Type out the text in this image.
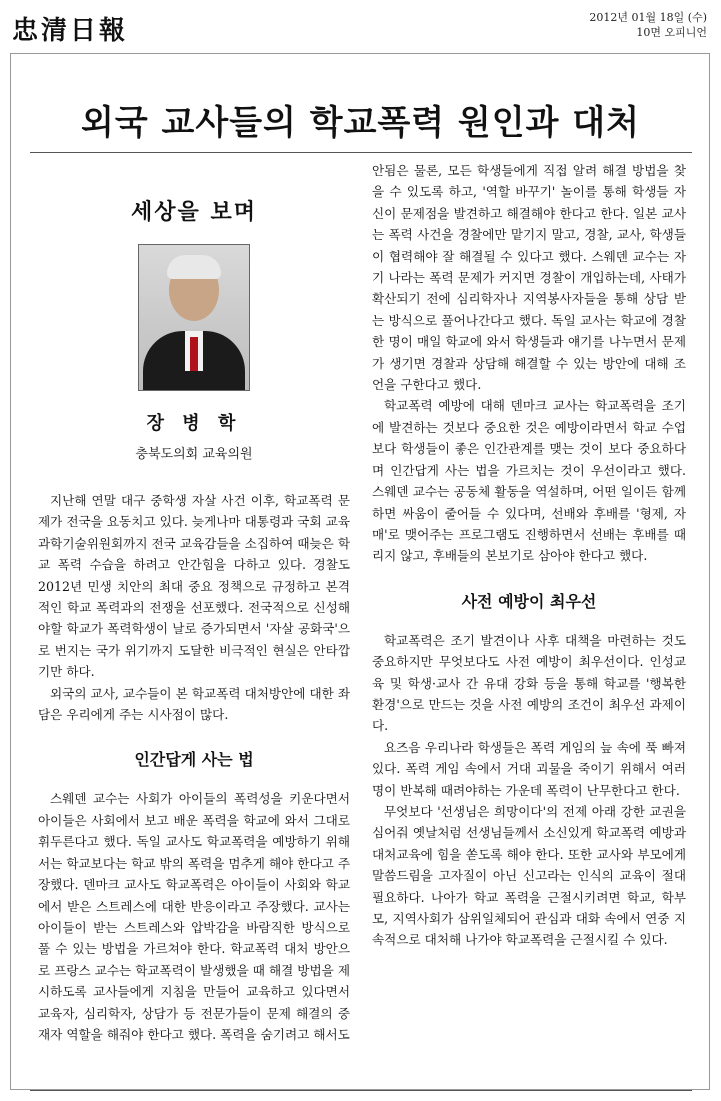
忠清日報	2012년 01월 18일 (수)
10면 오피니언
외국 교사들의 학교폭력 원인과 대처
세상을 보며
장 병 학
충북도의회 교육의원

지난해 연말 대구 중학생 자살 사건 이후, 학교폭력 문제가 전국을 요동치고 있다. 늦게나마 대통령과 국회 교육과학기술위원회까지 전국 교육감들을 소집하여 때늦은 학교 폭력 수습을 하려고 안간힘을 다하고 있다. 경찰도 2012년 민생 치안의 최대 중요 정책으로 규정하고 본격적인 학교 폭력과의 전쟁을 선포했다. 전국적으로 신성해야할 학교가 폭력학생이 날로 증가되면서 '자살 공화국'으로 번지는 국가 위기까지 도달한 비극적인 현실은 안타깝기만 하다.

외국의 교사, 교수들이 본 학교폭력 대처방안에 대한 좌담은 우리에게 주는 시사점이 많다.

인간답게 사는 법

스웨덴 교수는 사회가 아이들의 폭력성을 키운다면서 아이들은 사회에서 보고 배운 폭력을 학교에 와서 그대로 휘두른다고 했다. 독일 교사도 학교폭력을 예방하기 위해서는 학교보다는 학교 밖의 폭력을 멈추게 해야 한다고 주장했다. 덴마크 교사도 학교폭력은 아이들이 사회와 학교에서 받은 스트레스에 대한 반응이라고 주장했다. 교사는 아이들이 받는 스트레스와 압박감을 바람직한 방식으로 풀 수 있는 방법을 가르쳐야 한다. 학교폭력 대처 방안으로 프랑스 교수는 학교폭력이 발생했을 때 해결 방법을 제시하도록 교사들에게 지침을 만들어 교육하고 있다면서 교육자, 심리학자, 상담가 등 전문가들이 문제 해결의 중재자 역할을 해줘야 한다고 했다. 폭력을 숨기려고 해서도

안됨은 물론, 모든 학생들에게 직접 알려 해결 방법을 찾을 수 있도록 하고, '역할 바꾸기' 놀이를 통해 학생들 자신이 문제점을 발견하고 해결해야 한다고 한다. 일본 교사는 폭력 사건을 경찰에만 맡기지 말고, 경찰, 교사, 학생들이 협력해야 잘 해결될 수 있다고 했다. 스웨덴 교수는 자기 나라는 폭력 문제가 커지면 경찰이 개입하는데, 사태가 확산되기 전에 심리학자나 지역봉사자들을 통해 상담 받는 방식으로 풀어나간다고 했다. 독일 교사는 학교에 경찰 한 명이 매일 학교에 와서 학생들과 얘기를 나누면서 문제가 생기면 경찰과 상담해 해결할 수 있는 방안에 대해 조언을 구한다고 했다.

학교폭력 예방에 대해 덴마크 교사는 학교폭력을 조기에 발견하는 것보다 중요한 것은 예방이라면서 학교 수업보다 학생들이 좋은 인간관계를 맺는 것이 보다 중요하다며 인간답게 사는 법을 가르치는 것이 우선이라고 했다. 스웨덴 교수는 공동체 활동을 역설하며, 어떤 일이든 함께하면 싸움이 줄어들 수 있다며, 선배와 후배를 '형제, 자매'로 맺어주는 프로그램도 진행하면서 선배는 후배를 때리지 않고, 후배들의 본보기로 삼아야 한다고 했다.

사전 예방이 최우선

학교폭력은 조기 발견이나 사후 대책을 마련하는 것도 중요하지만 무엇보다도 사전 예방이 최우선이다. 인성교육 및 학생·교사 간 유대 강화 등을 통해 학교를 '행복한 환경'으로 만드는 것을 사전 예방의 조건이 최우선 과제이다.

요즈음 우리나라 학생들은 폭력 게임의 늪 속에 푹 빠져 있다. 폭력 게임 속에서 거대 괴물을 죽이기 위해서 여러 명이 반복해 때려야하는 가운데 폭력이 난무한다고 한다.

무엇보다 '선생님은 희망이다'의 전제 아래 강한 교권을 심어줘 옛날처럼 선생님들께서 소신있게 학교폭력 예방과 대처교육에 힘을 쏟도록 해야 한다. 또한 교사와 부모에게 말씀드림을 고자질이 아닌 신고라는 인식의 교육이 절대 필요하다. 나아가 학교 폭력을 근절시키려면 학교, 학부모, 지역사회가 삼위일체되어 관심과 대화 속에서 연중 지속적으로 대처해 나가야 학교폭력을 근절시킬 수 있다.
